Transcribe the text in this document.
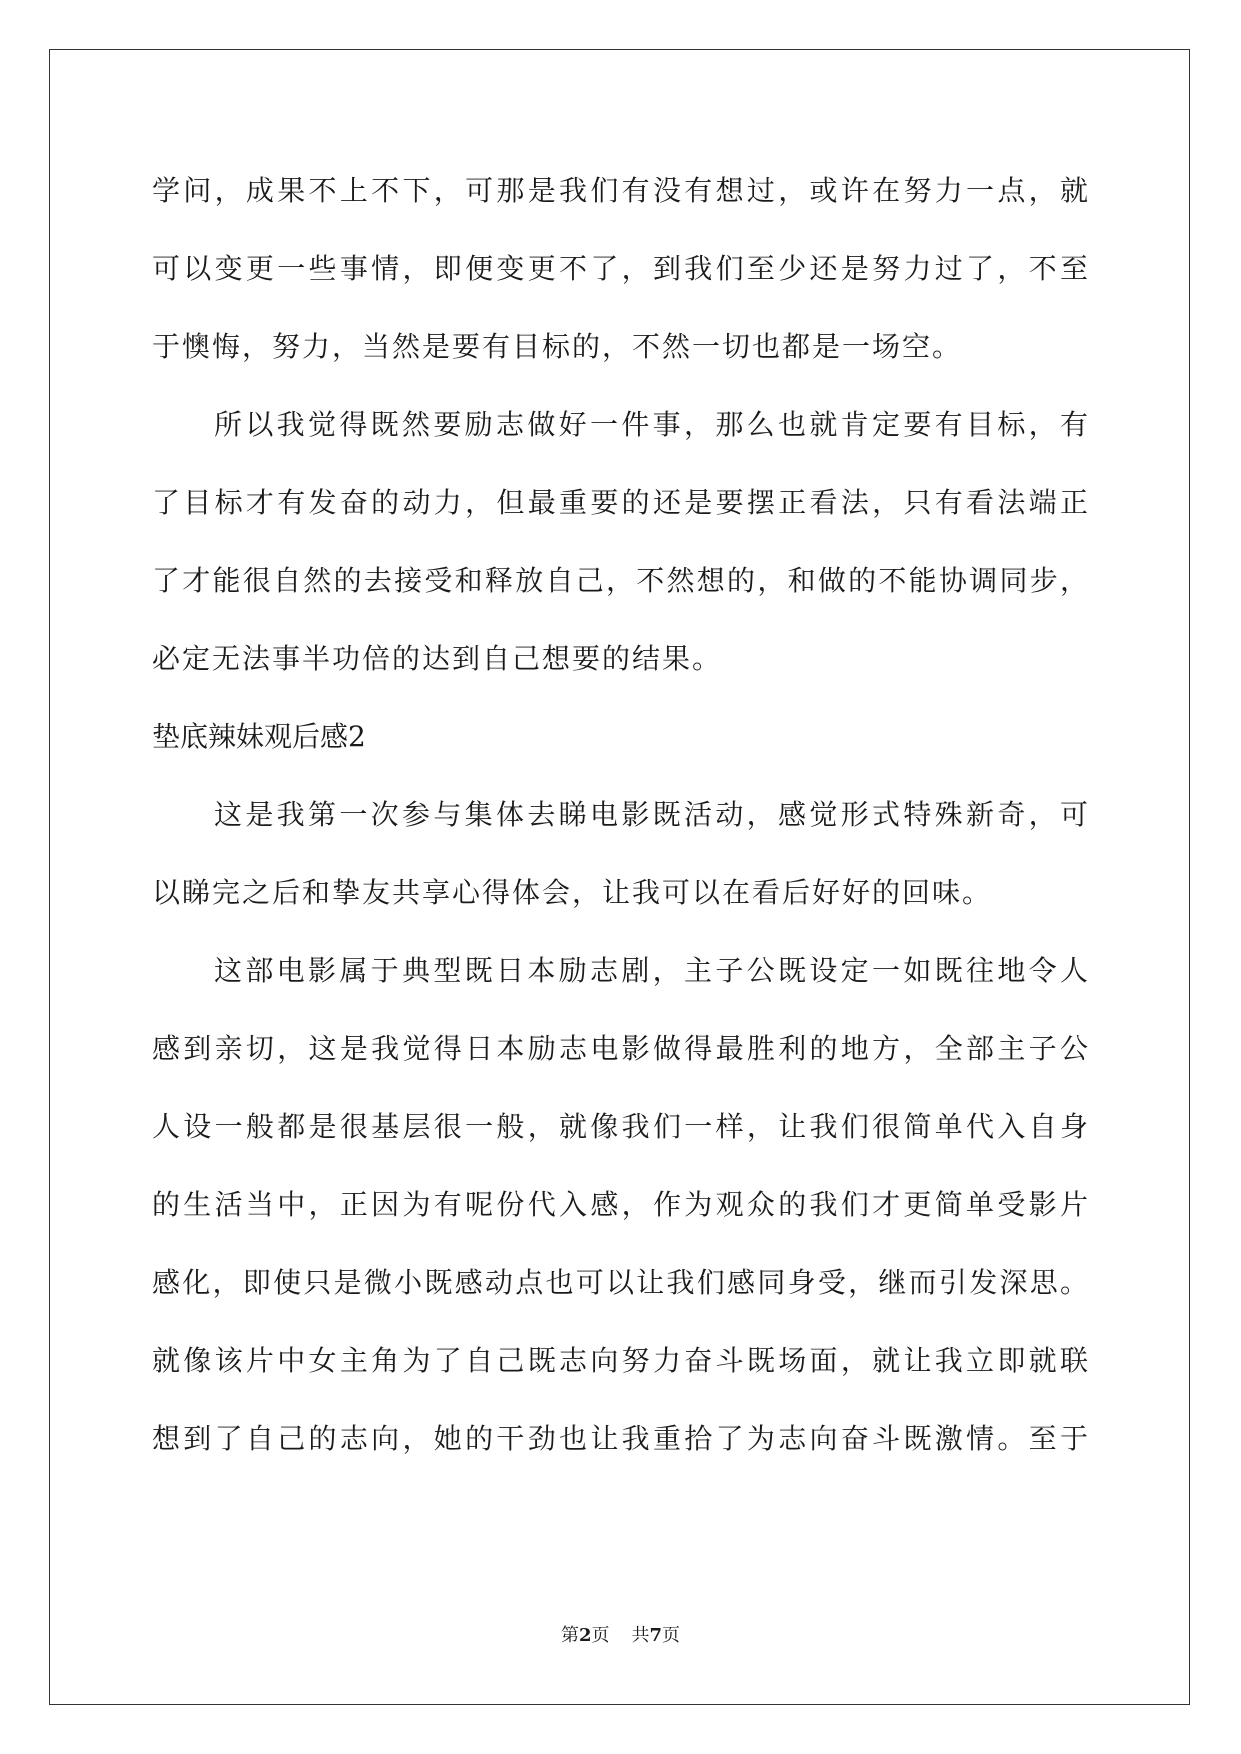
学问，成果不上不下，可那是我们有没有想过，或许在努力一点，就
可以变更一些事情，即便变更不了，到我们至少还是努力过了，不至
于懊悔，努力，当然是要有目标的，不然一切也都是一场空。
所以我觉得既然要励志做好一件事，那么也就肯定要有目标，有
了目标才有发奋的动力，但最重要的还是要摆正看法，只有看法端正
了才能很自然的去接受和释放自己，不然想的，和做的不能协调同步，
必定无法事半功倍的达到自己想要的结果。
垫底辣妹观后感2
这是我第一次参与集体去睇电影既活动，感觉形式特殊新奇，可
以睇完之后和挚友共享心得体会，让我可以在看后好好的回味。
这部电影属于典型既日本励志剧，主子公既设定一如既往地令人
感到亲切，这是我觉得日本励志电影做得最胜利的地方，全部主子公
人设一般都是很基层很一般，就像我们一样，让我们很简单代入自身
的生活当中，正因为有呢份代入感，作为观众的我们才更简单受影片
感化，即使只是微小既感动点也可以让我们感同身受，继而引发深思。
就像该片中女主角为了自己既志向努力奋斗既场面，就让我立即就联
想到了自己的志向，她的干劲也让我重拾了为志向奋斗既激情。至于
第2页 共7页
